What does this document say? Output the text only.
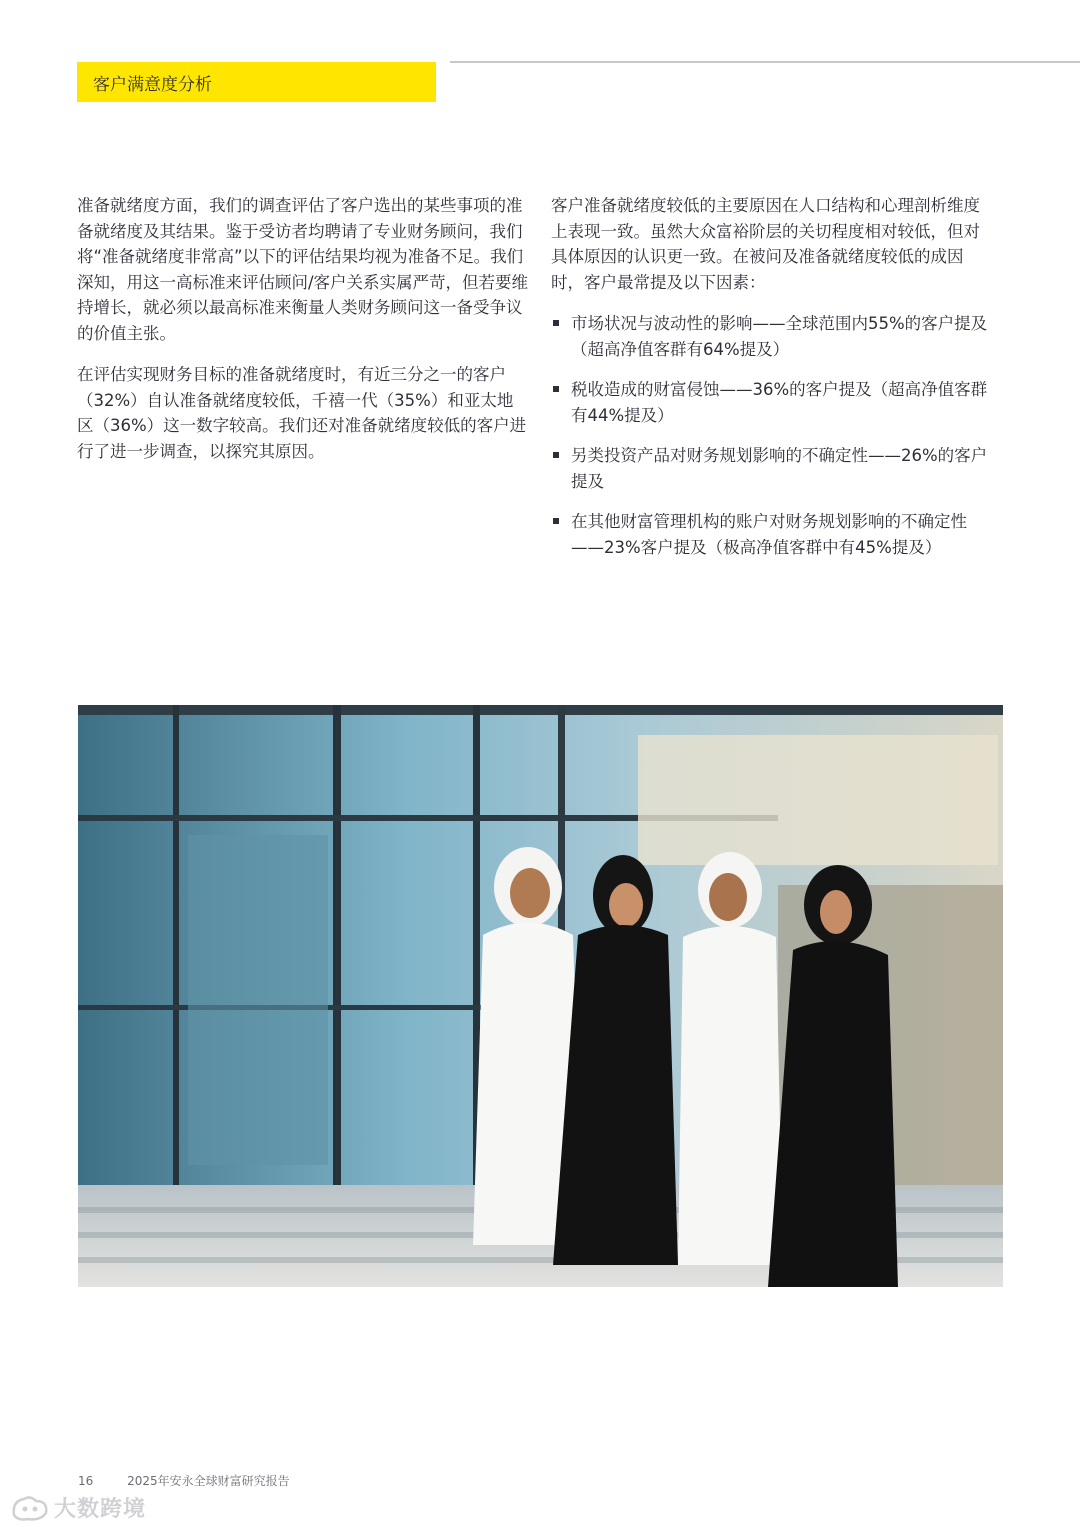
客户满意度分析

准备就绪度方面，我们的调查评估了客户选出的某些事项的准备就绪度及其结果。鉴于受访者均聘请了专业财务顾问，我们将“准备就绪度非常高”以下的评估结果均视为准备不足。我们深知，用这一高标准来评估顾问/客户关系实属严苛，但若要维持增长，就必须以最高标准来衡量人类财务顾问这一备受争议的价值主张。

在评估实现财务目标的准备就绪度时，有近三分之一的客户（32%）自认准备就绪度较低，千禧一代（35%）和亚太地区（36%）这一数字较高。我们还对准备就绪度较低的客户进行了进一步调查，以探究其原因。

客户准备就绪度较低的主要原因在人口结构和心理剖析维度上表现一致。虽然大众富裕阶层的关切程度相对较低，但对具体原因的认识更一致。在被问及准备就绪度较低的成因时，客户最常提及以下因素：

市场状况与波动性的影响——全球范围内55%的客户提及（超高净值客群有64%提及）
税收造成的财富侵蚀——36%的客户提及（超高净值客群有44%提及）
另类投资产品对财务规划影响的不确定性——26%的客户提及
在其他财富管理机构的账户对财务规划影响的不确定性——23%客户提及（极高净值客群中有45%提及）
16	2025年安永全球财富研究报告
大数跨境
